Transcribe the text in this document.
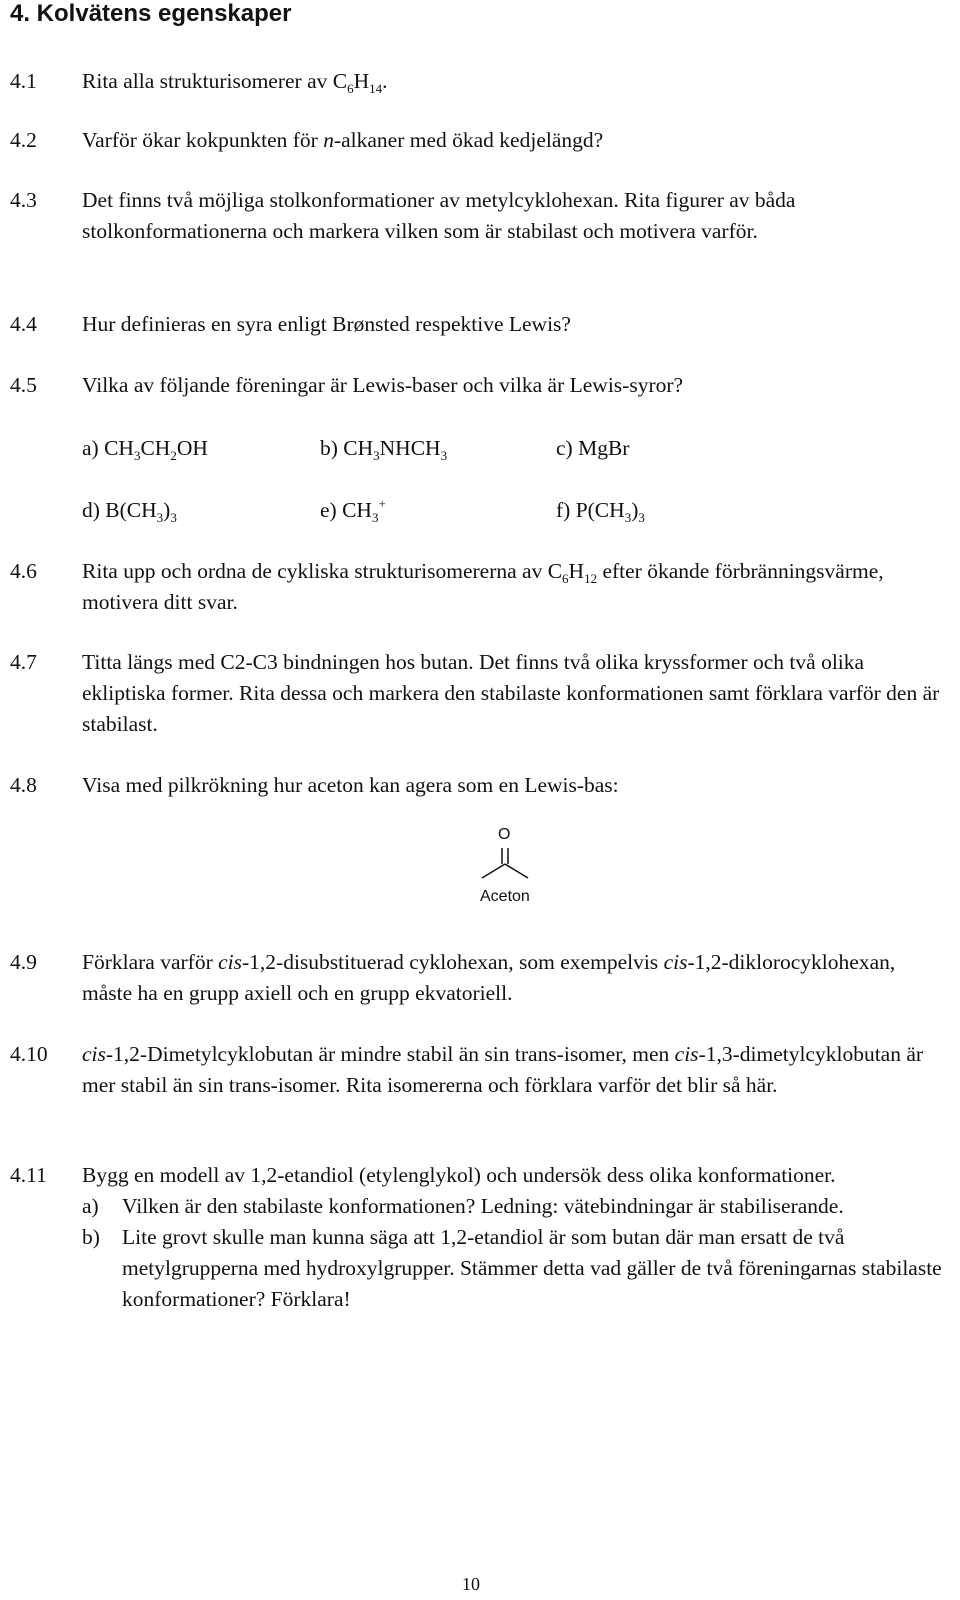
4. Kolvätens egenskaper
4.1 Rita alla strukturisomerer av $C_6H_{14}$.
4.2 Varför ökar kokpunkten för n-alkaner med ökad kedjelängd?
4.3 Det finns två möjliga stolkonformationer av metylcyklohexan. Rita figurer av båda stolkonformationerna och markera vilken som är stabilast och motivera varför.
4.4 Hur definieras en syra enligt Brønsted respektive Lewis?
4.5 Vilka av följande föreningar är Lewis-baser och vilka är Lewis-syror?
a) $CH_3CH_2OH$	b) $CH_3NHCH_3$	c) MgBr
d) $B(CH_3)_3$	e) $CH_3^+$	f) $P(CH_3)_3$
4.6 Rita upp och ordna de cykliska strukturisomererna av $C_6H_{12}$ efter ökande förbränningsvärme, motivera ditt svar.
4.7 Titta längs med C2-C3 bindningen hos butan. Det finns två olika kryssformer och två olika ekliptiska former. Rita dessa och markera den stabilaste konformationen samt förklara varför den är stabilast.
4.8 Visa med pilkrökning hur aceton kan agera som en Lewis-bas:
O
Aceton
4.9 Förklara varför cis-1,2-disubstituerad cyklohexan, som exempelvis cis-1,2-diklorocyklohexan, måste ha en grupp axiell och en grupp ekvatoriell.
4.10 cis-1,2-Dimetylcyklobutan är mindre stabil än sin trans-isomer, men cis-1,3-dimetylcyklobutan är mer stabil än sin trans-isomer. Rita isomererna och förklara varför det blir så här.
4.11 Bygg en modell av 1,2-etandiol (etylenglykol) och undersök dess olika konformationer.
a) Vilken är den stabilaste konformationen? Ledning: vätebindningar är stabiliserande.
b) Lite grovt skulle man kunna säga att 1,2-etandiol är som butan där man ersatt de två metylgrupperna med hydroxylgrupper. Stämmer detta vad gäller de två föreningarnas stabilaste konformationer? Förklara!
10
